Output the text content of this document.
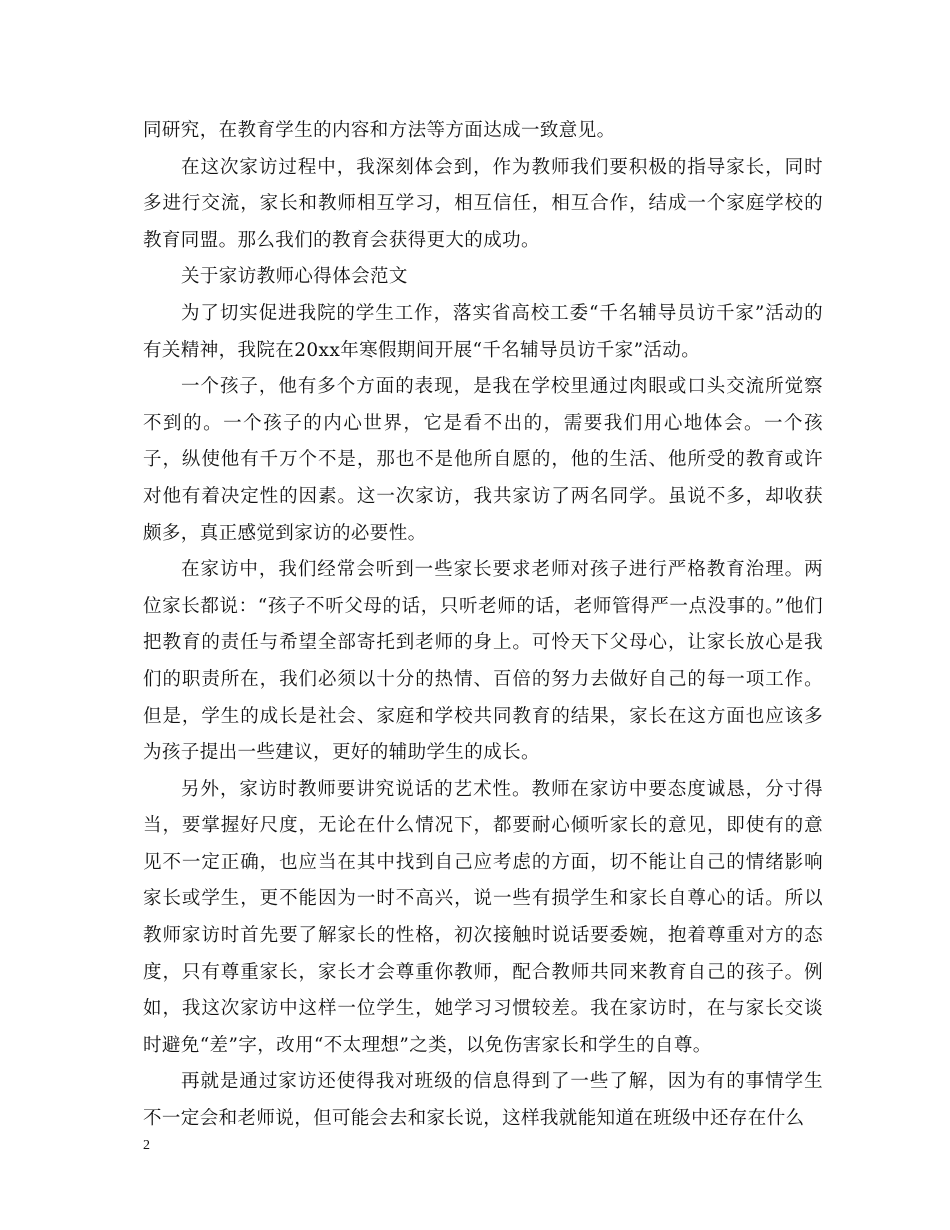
同研究，在教育学生的内容和方法等方面达成一致意见。

在这次家访过程中，我深刻体会到，作为教师我们要积极的指导家长，同时多进行交流，家长和教师相互学习，相互信任，相互合作，结成一个家庭学校的教育同盟。那么我们的教育会获得更大的成功。

关于家访教师心得体会范文

为了切实促进我院的学生工作，落实省高校工委“千名辅导员访千家”活动的有关精神，我院在20xx年寒假期间开展“千名辅导员访千家”活动。

一个孩子，他有多个方面的表现，是我在学校里通过肉眼或口头交流所觉察不到的。一个孩子的内心世界，它是看不出的，需要我们用心地体会。一个孩子，纵使他有千万个不是，那也不是他所自愿的，他的生活、他所受的教育或许对他有着决定性的因素。这一次家访，我共家访了两名同学。虽说不多，却收获颇多，真正感觉到家访的必要性。

在家访中，我们经常会听到一些家长要求老师对孩子进行严格教育治理。两位家长都说：“孩子不听父母的话，只听老师的话，老师管得严一点没事的。”他们把教育的责任与希望全部寄托到老师的身上。可怜天下父母心，让家长放心是我们的职责所在，我们必须以十分的热情、百倍的努力去做好自己的每一项工作。但是，学生的成长是社会、家庭和学校共同教育的结果，家长在这方面也应该多为孩子提出一些建议，更好的辅助学生的成长。

另外，家访时教师要讲究说话的艺术性。教师在家访中要态度诚恳，分寸得当，要掌握好尺度，无论在什么情况下，都要耐心倾听家长的意见，即使有的意见不一定正确，也应当在其中找到自己应考虑的方面，切不能让自己的情绪影响家长或学生，更不能因为一时不高兴，说一些有损学生和家长自尊心的话。所以教师家访时首先要了解家长的性格，初次接触时说话要委婉，抱着尊重对方的态度，只有尊重家长，家长才会尊重你教师，配合教师共同来教育自己的孩子。例如，我这次家访中这样一位学生，她学习习惯较差。我在家访时，在与家长交谈时避免“差”字，改用“不太理想”之类，以免伤害家长和学生的自尊。

再就是通过家访还使得我对班级的信息得到了一些了解，因为有的事情学生不一定会和老师说，但可能会去和家长说，这样我就能知道在班级中还存在什么

2
